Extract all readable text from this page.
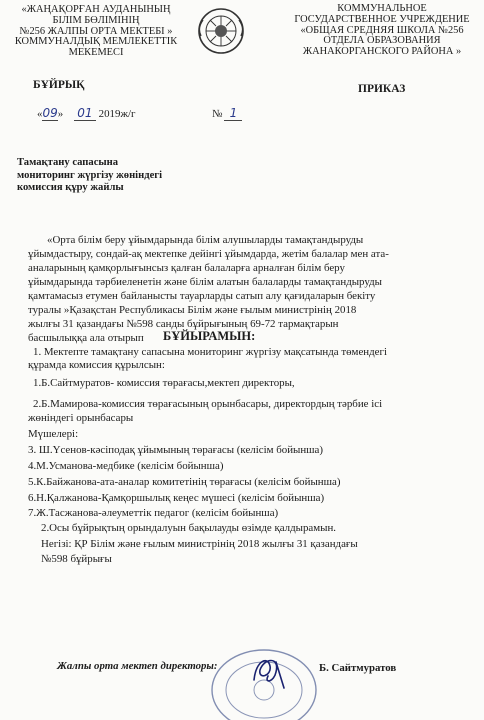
«ЖАҢАҚОРҒАН АУДАНЫНЫҢ
БІЛІМ БӨЛІМІНІҢ
№256 ЖАЛПЫ ОРТА МЕКТЕБІ »
КОММУНАЛДЫҚ МЕМЛЕКЕТТІК
МЕКЕМЕСІ
КОММУНАЛЬНОЕ
ГОСУДАРСТВЕННОЕ УЧРЕЖДЕНИЕ
«ОБЩАЯ СРЕДНЯЯ ШКОЛА №256
ОТДЕЛА ОБРАЗОВАНИЯ
ЖАНАКОРГАНСКОГО РАЙОНА »
БҰЙРЫҚ	ПРИКАЗ
«09» 01 2019ж/г	№ 1
Тамақтану сапасына
мониторинг жүргізу жөніндегі
комиссия құру жайлы
«Орта білім беру ұйымдарында білім алушыларды тамақтандыруды
ұйымдастыру, сондай-ақ мектепке дейінгі ұйымдарда, жетім балалар мен ата-
аналарының қамқорлығынсыз қалған балаларға арналған білім беру
ұйымдарында тәрбиеленетін және білім алатын балаларды тамақтандыруды
қамтамасыз етумен байланысты тауарларды сатып алу қағидаларын бекіту
туралы »Қазақстан Республикасы Білім және ғылым министрінің 2018
жылғы 31 қазандағы №598 санды бұйрығының 69-72 тармақтарын
басшылыққа ала отырып БҰЙЫРАМЫН:
1. Мектепте тамақтану сапасына мониторинг жүргізу мақсатында төмендегі
құрамда комиссия құрылсын:
1.Б.Сайтмуратов- комиссия төрағасы,мектеп директоры,
2.Б.Мамирова-комиссия төрағасының орынбасары, директордың тәрбие ісі
жөніндегі орынбасары
Мүшелері:
3. Ш.Үсенов-кәсіподақ ұйымының төрағасы (келісім бойынша)
4.М.Усманова-медбике (келісім бойынша)
5.К.Байжанова-ата-аналар комитетінің төрағасы (келісім бойынша)
6.Н.Қалжанова-Қамқоршылық кеңес мүшесі (келісім бойынша)
7.Ж.Тасжанова-әлеуметтік педагог (келісім бойынша)
2.Осы бұйрықтың орындалуын бақылауды өзімде қалдырамын.
Негізі: ҚР Білім және ғылым министрінің 2018 жылғы 31 қазандағы
№598 бұйрығы
Жалпы орта мектеп директоры:	Б. Сайтмуратов
